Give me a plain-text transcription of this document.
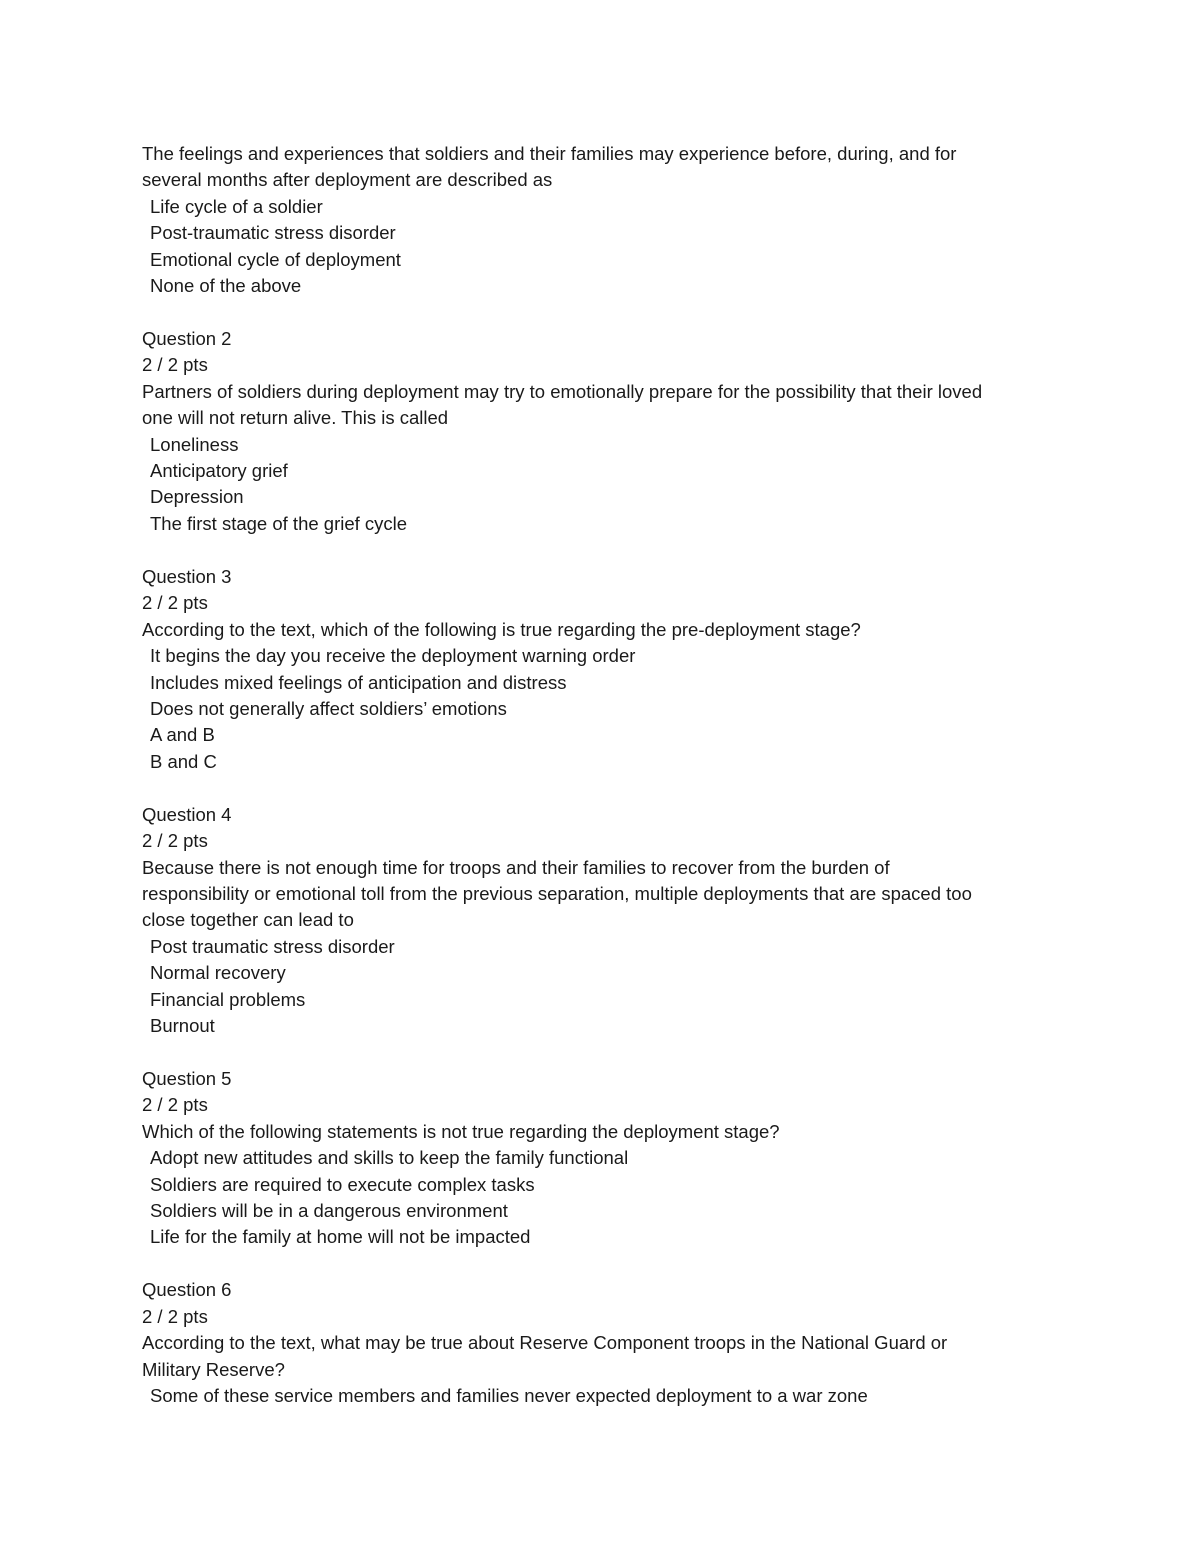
The feelings and experiences that soldiers and their families may experience before, during, and for

several months after deployment are described as

Life cycle of a soldier

Post-traumatic stress disorder

Emotional cycle of deployment

None of the above

Question 2

2 / 2 pts

Partners of soldiers during deployment may try to emotionally prepare for the possibility that their loved

one will not return alive. This is called

Loneliness

Anticipatory grief

Depression

The first stage of the grief cycle

Question 3

2 / 2 pts

According to the text, which of the following is true regarding the pre-deployment stage?

It begins the day you receive the deployment warning order

Includes mixed feelings of anticipation and distress

Does not generally affect soldiers’ emotions

A and B

B and C

Question 4

2 / 2 pts

Because there is not enough time for troops and their families to recover from the burden of

responsibility or emotional toll from the previous separation, multiple deployments that are spaced too

close together can lead to

Post traumatic stress disorder

Normal recovery

Financial problems

Burnout

Question 5

2 / 2 pts

Which of the following statements is not true regarding the deployment stage?

Adopt new attitudes and skills to keep the family functional

Soldiers are required to execute complex tasks

Soldiers will be in a dangerous environment

Life for the family at home will not be impacted

Question 6

2 / 2 pts

According to the text, what may be true about Reserve Component troops in the National Guard or

Military Reserve?

Some of these service members and families never expected deployment to a war zone
